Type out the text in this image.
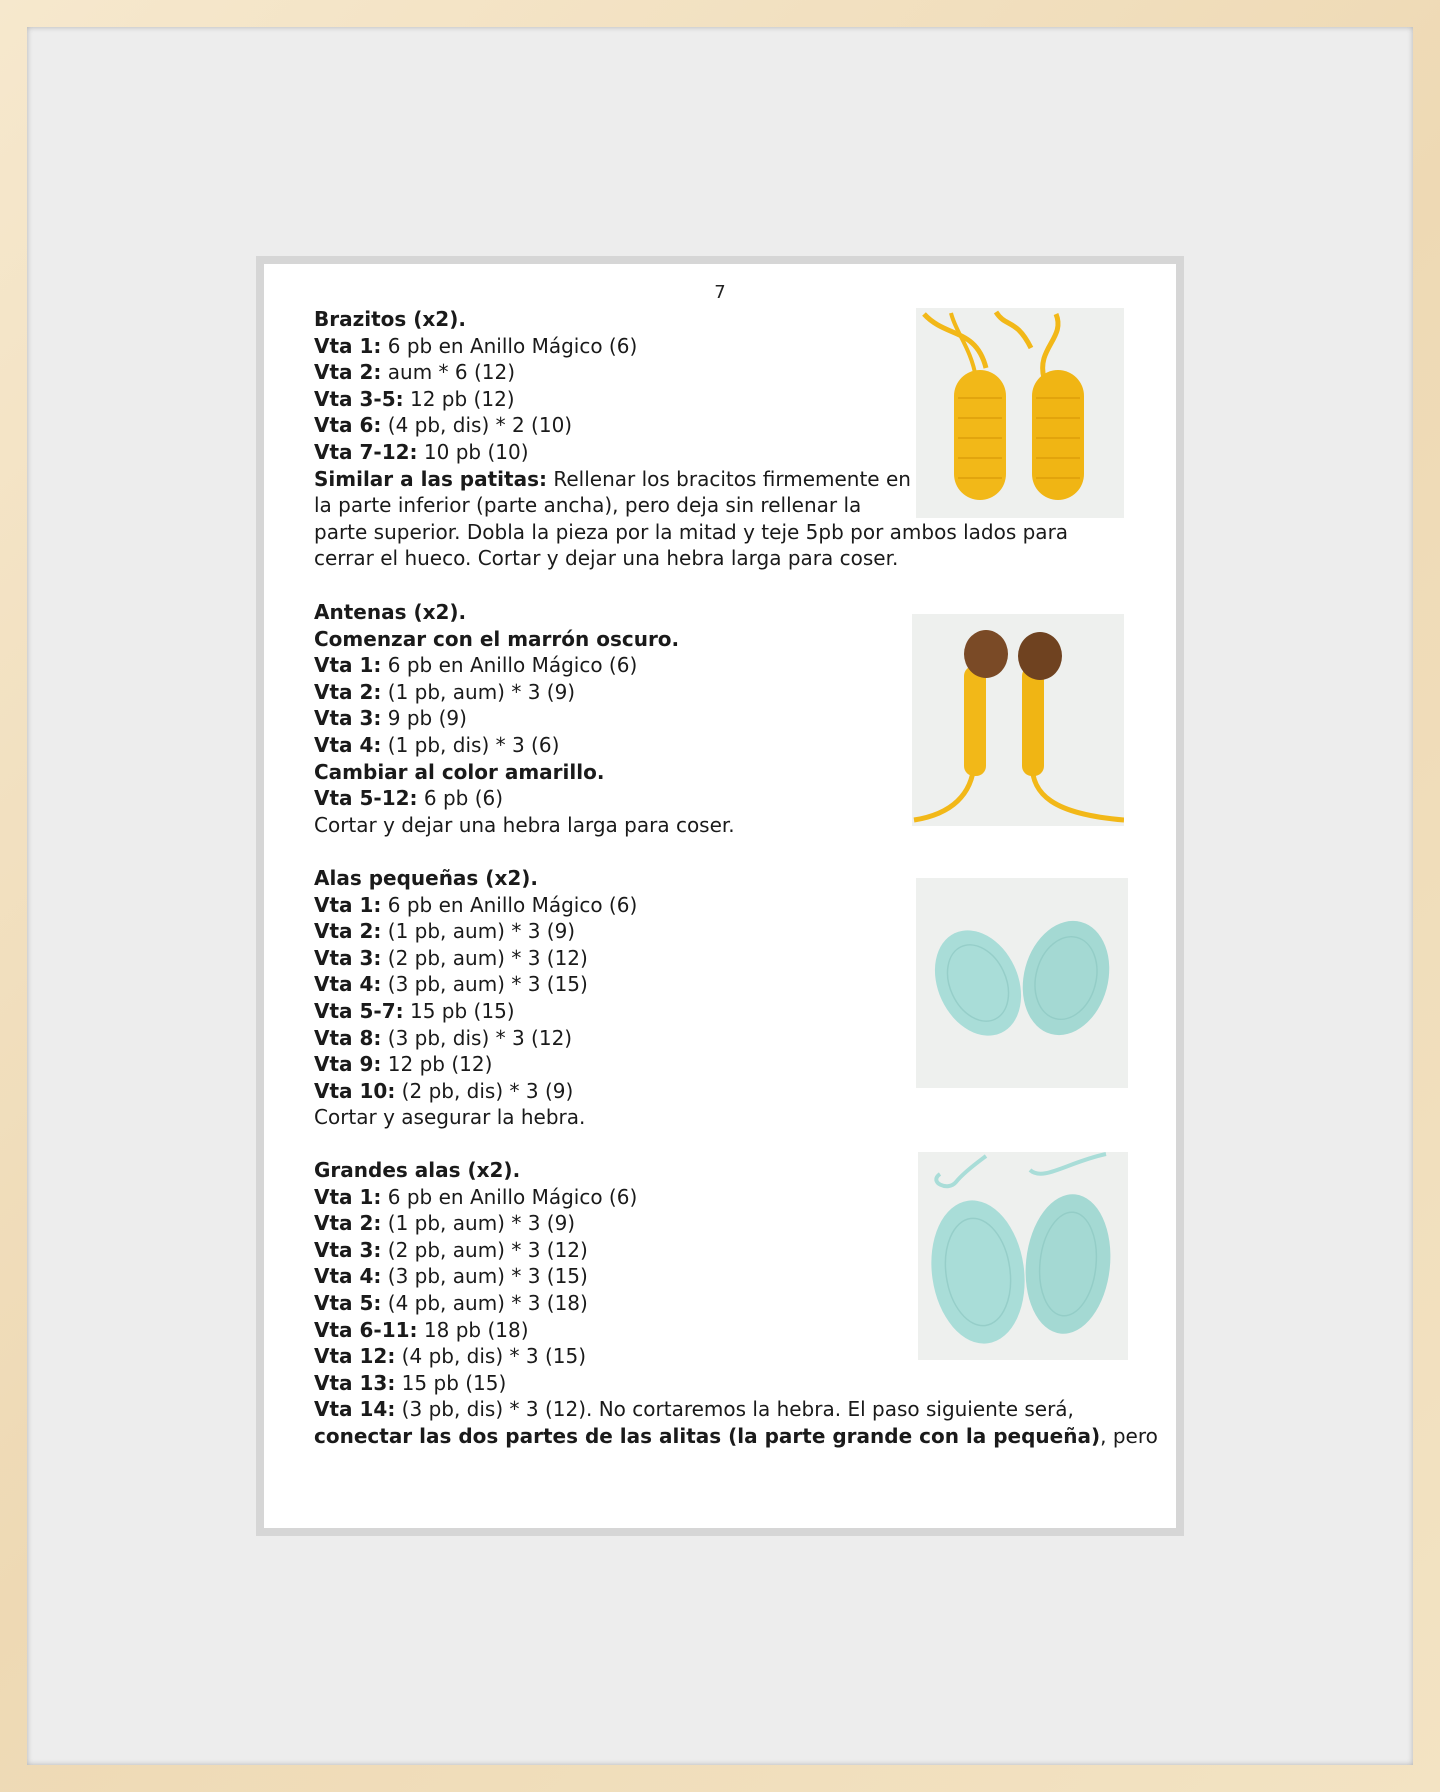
7

Brazitos (x2).

Vta 1: 6 pb en Anillo Mágico (6)

Vta 2: aum * 6 (12)

Vta 3-5: 12 pb (12)

Vta 6: (4 pb, dis) * 2 (10)

Vta 7-12: 10 pb (10)

Similar a las patitas: Rellenar los bracitos firmemente en

la parte inferior (parte ancha), pero deja sin rellenar la

parte superior. Dobla la pieza por la mitad y teje 5pb por ambos lados para

cerrar el hueco. Cortar y dejar una hebra larga para coser.

Antenas (x2).

Comenzar con el marrón oscuro.

Vta 1: 6 pb en Anillo Mágico (6)

Vta 2: (1 pb, aum) * 3 (9)

Vta 3: 9 pb (9)

Vta 4: (1 pb, dis) * 3 (6)

Cambiar al color amarillo.

Vta 5-12: 6 pb (6)

Cortar y dejar una hebra larga para coser.

Alas pequeñas (x2).

Vta 1: 6 pb en Anillo Mágico (6)

Vta 2: (1 pb, aum) * 3 (9)

Vta 3: (2 pb, aum) * 3 (12)

Vta 4: (3 pb, aum) * 3 (15)

Vta 5-7: 15 pb (15)

Vta 8: (3 pb, dis) * 3 (12)

Vta 9: 12 pb (12)

Vta 10: (2 pb, dis) * 3 (9)

Cortar y asegurar la hebra.

Grandes alas (x2).

Vta 1: 6 pb en Anillo Mágico (6)

Vta 2: (1 pb, aum) * 3 (9)

Vta 3: (2 pb, aum) * 3 (12)

Vta 4: (3 pb, aum) * 3 (15)

Vta 5: (4 pb, aum) * 3 (18)

Vta 6-11: 18 pb (18)

Vta 12: (4 pb, dis) * 3 (15)

Vta 13: 15 pb (15)

Vta 14: (3 pb, dis) * 3 (12). No cortaremos la hebra. El paso siguiente será,

conectar las dos partes de las alitas (la parte grande con la pequeña), pero
